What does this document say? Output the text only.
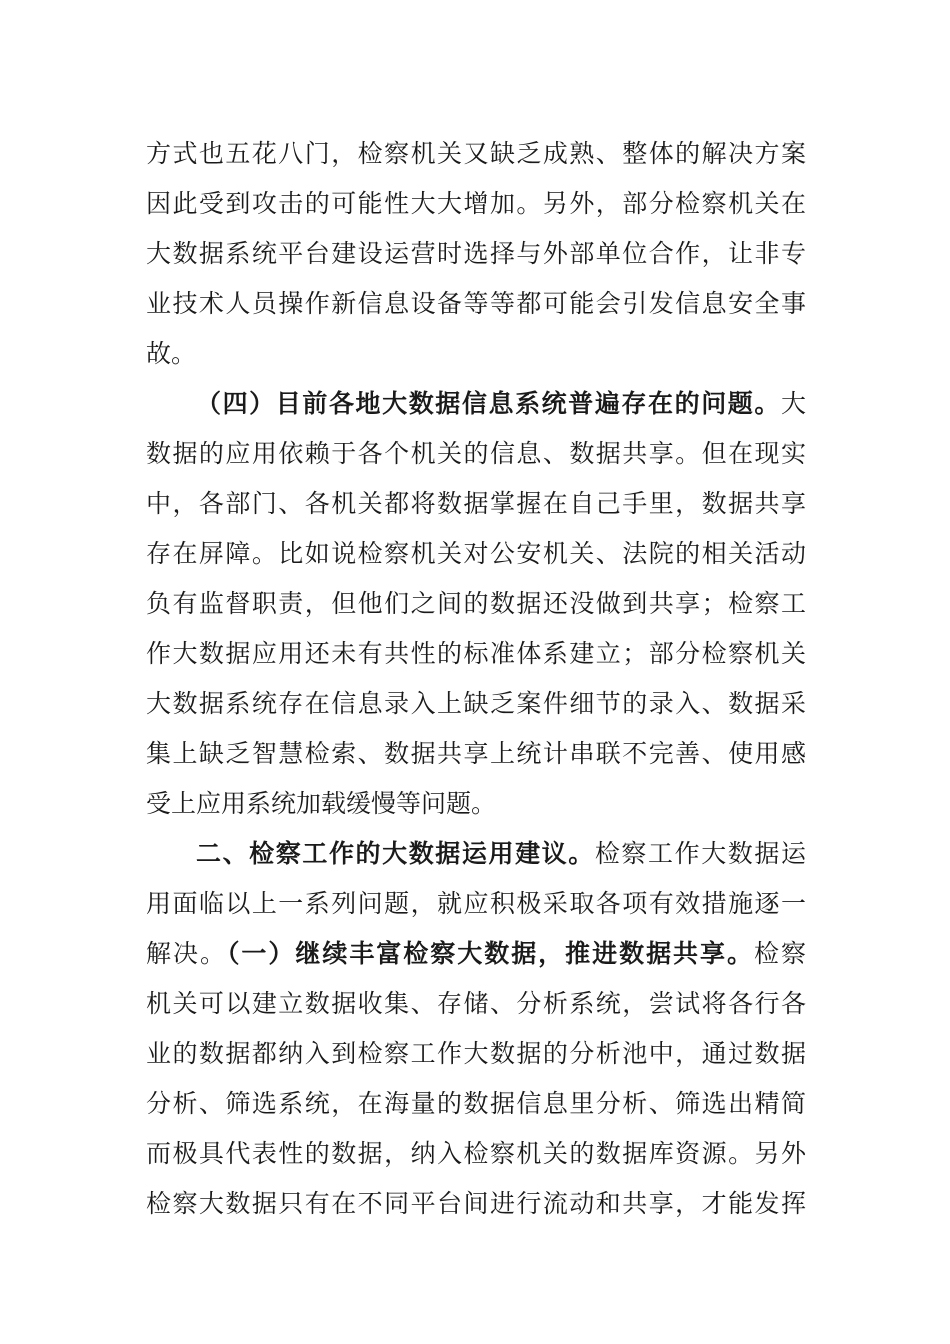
方式也五花八门，检察机关又缺乏成熟、整体的解决方案
因此受到攻击的可能性大大增加。另外，部分检察机关在
大数据系统平台建设运营时选择与外部单位合作，让非专
业技术人员操作新信息设备等等都可能会引发信息安全事
故。
（四）目前各地大数据信息系统普遍存在的问题。大
数据的应用依赖于各个机关的信息、数据共享。但在现实
中，各部门、各机关都将数据掌握在自己手里，数据共享
存在屏障。比如说检察机关对公安机关、法院的相关活动
负有监督职责，但他们之间的数据还没做到共享；检察工
作大数据应用还未有共性的标准体系建立；部分检察机关
大数据系统存在信息录入上缺乏案件细节的录入、数据采
集上缺乏智慧检索、数据共享上统计串联不完善、使用感
受上应用系统加载缓慢等问题。
二、检察工作的大数据运用建议。检察工作大数据运
用面临以上一系列问题，就应积极采取各项有效措施逐一
解决。（一）继续丰富检察大数据，推进数据共享。检察
机关可以建立数据收集、存储、分析系统，尝试将各行各
业的数据都纳入到检察工作大数据的分析池中，通过数据
分析、筛选系统，在海量的数据信息里分析、筛选出精简
而极具代表性的数据，纳入检察机关的数据库资源。另外
检察大数据只有在不同平台间进行流动和共享，才能发挥
